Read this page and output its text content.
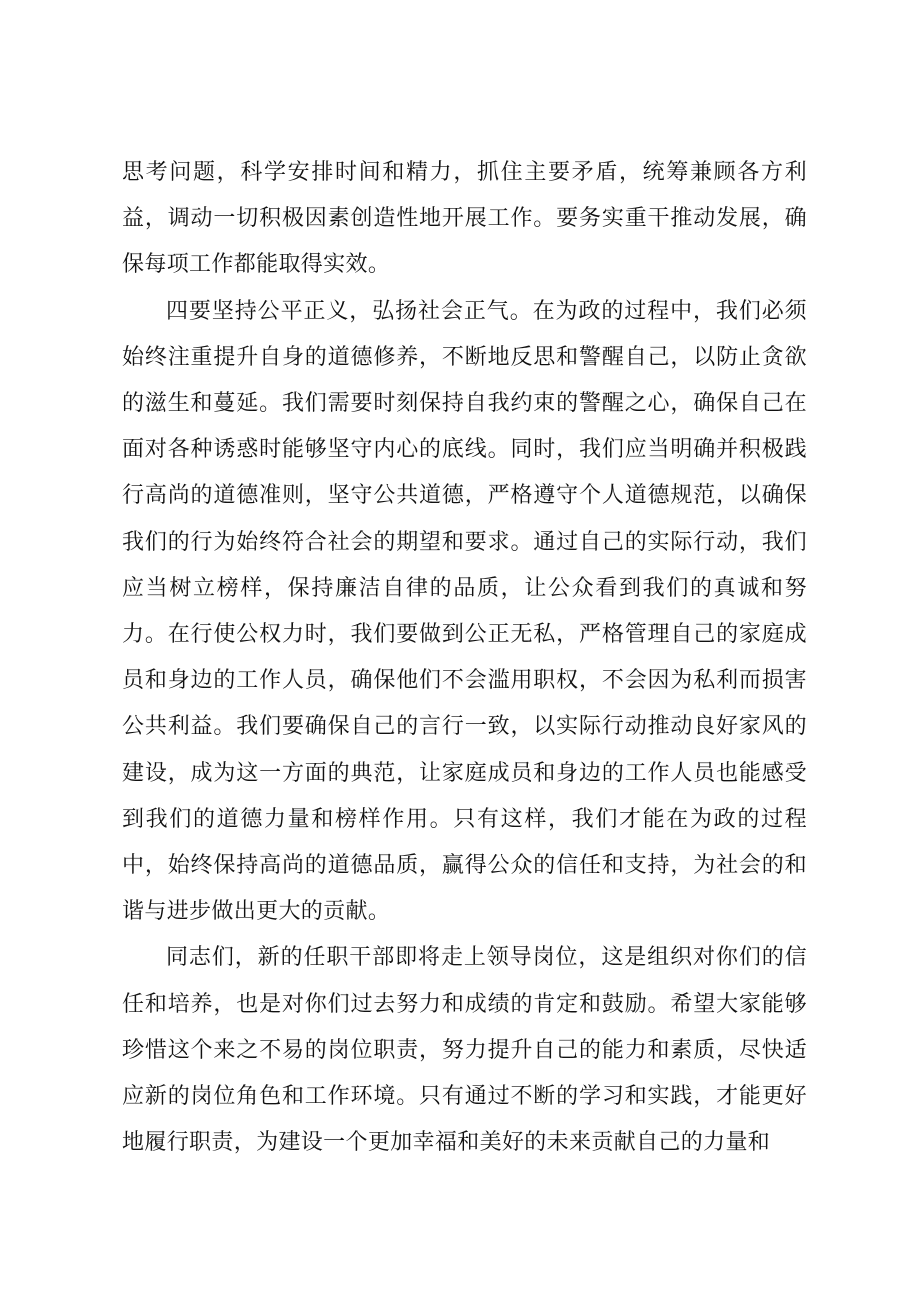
思考问题，科学安排时间和精力，抓住主要矛盾，统筹兼顾各方利益，调动一切积极因素创造性地开展工作。要务实重干推动发展，确保每项工作都能取得实效。

四要坚持公平正义，弘扬社会正气。在为政的过程中，我们必须始终注重提升自身的道德修养，不断地反思和警醒自己，以防止贪欲的滋生和蔓延。我们需要时刻保持自我约束的警醒之心，确保自己在面对各种诱惑时能够坚守内心的底线。同时，我们应当明确并积极践行高尚的道德准则，坚守公共道德，严格遵守个人道德规范，以确保我们的行为始终符合社会的期望和要求。通过自己的实际行动，我们应当树立榜样，保持廉洁自律的品质，让公众看到我们的真诚和努力。在行使公权力时，我们要做到公正无私，严格管理自己的家庭成员和身边的工作人员，确保他们不会滥用职权，不会因为私利而损害公共利益。我们要确保自己的言行一致，以实际行动推动良好家风的建设，成为这一方面的典范，让家庭成员和身边的工作人员也能感受到我们的道德力量和榜样作用。只有这样，我们才能在为政的过程中，始终保持高尚的道德品质，赢得公众的信任和支持，为社会的和谐与进步做出更大的贡献。

同志们，新的任职干部即将走上领导岗位，这是组织对你们的信任和培养，也是对你们过去努力和成绩的肯定和鼓励。希望大家能够珍惜这个来之不易的岗位职责，努力提升自己的能力和素质，尽快适应新的岗位角色和工作环境。只有通过不断的学习和实践，才能更好地履行职责，为建设一个更加幸福和美好的未来贡献自己的力量和
